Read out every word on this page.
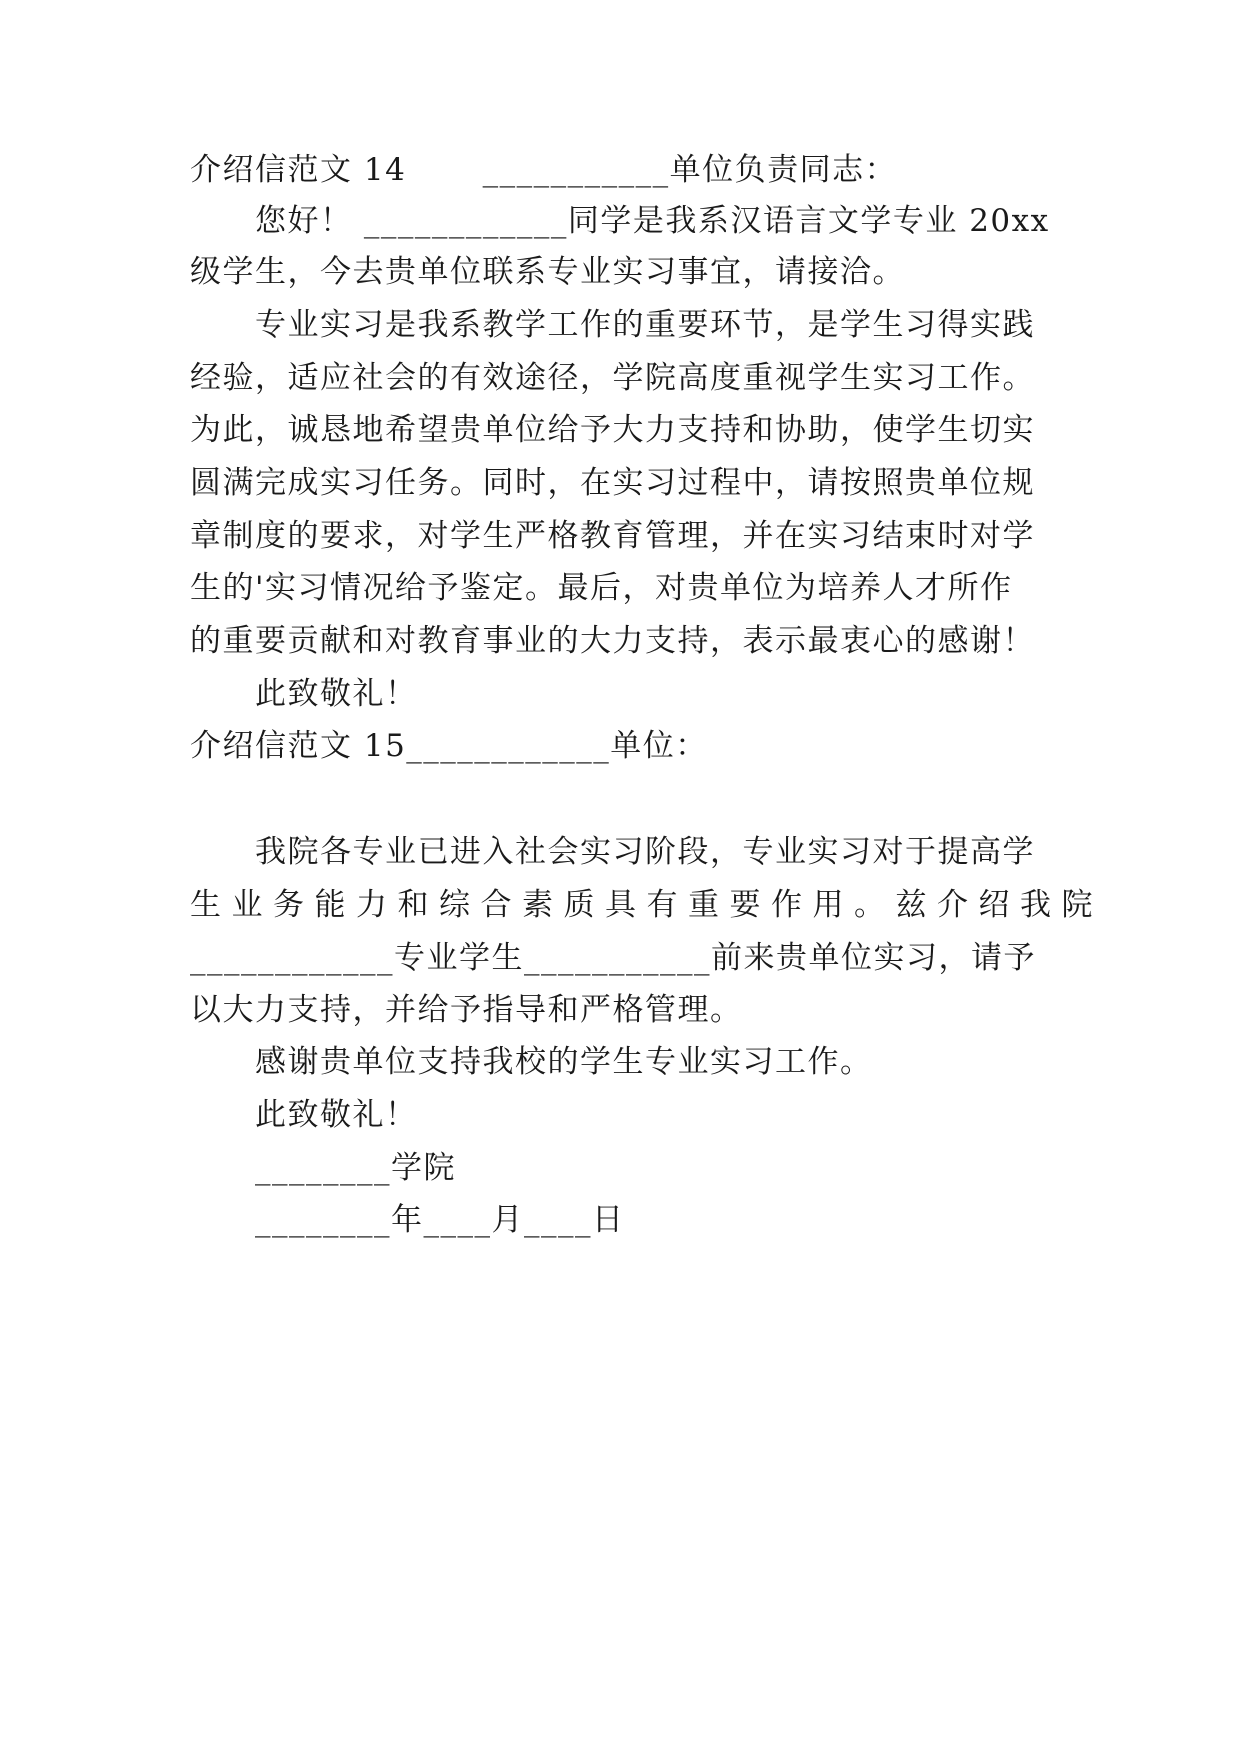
介绍信范文 14　　 ___________单位负责同志：
您好！ ____________同学是我系汉语言文学专业 20xx
级学生，今去贵单位联系专业实习事宜，请接洽。
专业实习是我系教学工作的重要环节，是学生习得实践
经验，适应社会的有效途径，学院高度重视学生实习工作。
为此，诚恳地希望贵单位给予大力支持和协助，使学生切实
圆满完成实习任务。同时，在实习过程中，请按照贵单位规
章制度的要求，对学生严格教育管理，并在实习结束时对学
生的'实习情况给予鉴定。最后，对贵单位为培养人才所作
的重要贡献和对教育事业的大力支持，表示最衷心的感谢！
此致敬礼！
介绍信范文 15____________单位：
我院各专业已进入社会实习阶段，专业实习对于提高学
生业务能力和综合素质具有重要作用。兹介绍我院
____________专业学生___________前来贵单位实习，请予
以大力支持，并给予指导和严格管理。
感谢贵单位支持我校的学生专业实习工作。
此致敬礼！
________学院
________年____月____日
